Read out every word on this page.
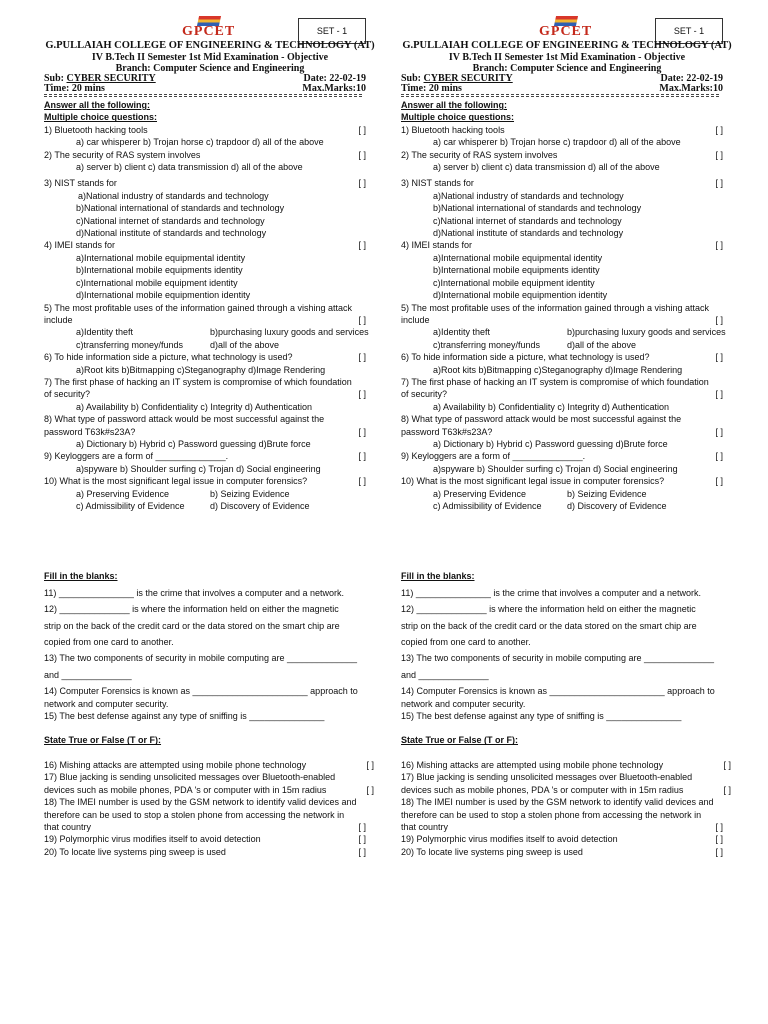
GPCET	SET - 1
G.PULLAIAH COLLEGE OF ENGINEERING & TECHNOLOGY (AT)
IV B.Tech II Semester 1st Mid Examination - Objective
Branch: Computer Science and Engineering
Sub: CYBER SECURITY	Date: 22-02-19
Time: 20 mins	Max.Marks:10
Answer all the following:
Multiple choice questions:
1) Bluetooth hacking tools	[ ]
a) car whisperer b) Trojan horse c) trapdoor d) all of the above
2) The security of RAS system involves	[ ]
a) server b) client c) data transmission d) all of the above
3) NIST stands for	[ ]
a)National industry of standards and technology
b)National international of standards and technology
c)National internet of standards and technology
d)National institute of standards and technology
4) IMEI stands for	[ ]
a)International mobile equipmental identity
b)International mobile equipments identity
c)International mobile equipment identity
d)International mobile equipmention identity
5) The most profitable uses of the information gained through a vishing attack
include	[ ]
a)Identity theft	b)purchasing luxury goods and services
c)transferring money/funds	d)all of the above
6) To hide information side a picture, what technology is used?	[ ]
a)Root kits b)Bitmapping c)Steganography d)Image Rendering
7) The first phase of hacking an IT system is compromise of which foundation
of security?	[ ]
a) Availability b) Confidentiality c) Integrity d) Authentication
8) What type of password attack would be most successful against the
password T63k#s23A?	[ ]
a) Dictionary b) Hybrid c) Password guessing d)Brute force
9) Keyloggers are a form of ______________.	[ ]
a)spyware b) Shoulder surfing c) Trojan d) Social engineering
10) What is the most significant legal issue in computer forensics?	[ ]
a) Preserving Evidence	b) Seizing Evidence
c) Admissibility of Evidence	d) Discovery of Evidence
Fill in the blanks:
11) _______________ is the crime that involves a computer and a network.
12) ______________ is where the information held on either the magnetic
strip on the back of the credit card or the data stored on the smart chip are
copied from one card to another.
13) The two components of security in mobile computing are ______________
and ______________
14) Computer Forensics is known as _______________________ approach to
network and computer security.
15) The best defense against any type of sniffing is _______________
State True or False (T or F):
16) Mishing attacks are attempted using mobile phone technology	[ ]
17) Blue jacking is sending unsolicited messages over Bluetooth-enabled
devices such as mobile phones, PDA 's or computer with in 15m radius	[ ]
18) The IMEI number is used by the GSM network to identify valid devices and
therefore can be used to stop a stolen phone from accessing the network in
that country	[ ]
19) Polymorphic virus modifies itself to avoid detection	[ ]
20) To locate live systems ping sweep is used	[ ]
GPCET	SET - 1
G.PULLAIAH COLLEGE OF ENGINEERING & TECHNOLOGY (AT)
IV B.Tech II Semester 1st Mid Examination - Objective
Branch: Computer Science and Engineering
Sub: CYBER SECURITY	Date: 22-02-19
Time: 20 mins	Max.Marks:10
Answer all the following:
Multiple choice questions:
1) Bluetooth hacking tools	[ ]
a) car whisperer b) Trojan horse c) trapdoor d) all of the above
2) The security of RAS system involves	[ ]
a) server b) client c) data transmission d) all of the above
3) NIST stands for	[ ]
a)National industry of standards and technology
b)National international of standards and technology
c)National internet of standards and technology
d)National institute of standards and technology
4) IMEI stands for	[ ]
a)International mobile equipmental identity
b)International mobile equipments identity
c)International mobile equipment identity
d)International mobile equipmention identity
5) The most profitable uses of the information gained through a vishing attack
include	[ ]
a)Identity theft	b)purchasing luxury goods and services
c)transferring money/funds	d)all of the above
6) To hide information side a picture, what technology is used?	[ ]
a)Root kits b)Bitmapping c)Steganography d)Image Rendering
7) The first phase of hacking an IT system is compromise of which foundation
of security?	[ ]
a) Availability b) Confidentiality c) Integrity d) Authentication
8) What type of password attack would be most successful against the
password T63k#s23A?	[ ]
a) Dictionary b) Hybrid c) Password guessing d)Brute force
9) Keyloggers are a form of ______________.	[ ]
a)spyware b) Shoulder surfing c) Trojan d) Social engineering
10) What is the most significant legal issue in computer forensics?	[ ]
a) Preserving Evidence	b) Seizing Evidence
c) Admissibility of Evidence	d) Discovery of Evidence
Fill in the blanks:
11) _______________ is the crime that involves a computer and a network.
12) ______________ is where the information held on either the magnetic
strip on the back of the credit card or the data stored on the smart chip are
copied from one card to another.
13) The two components of security in mobile computing are ______________
and ______________
14) Computer Forensics is known as _______________________ approach to
network and computer security.
15) The best defense against any type of sniffing is _______________
State True or False (T or F):
16) Mishing attacks are attempted using mobile phone technology	[ ]
17) Blue jacking is sending unsolicited messages over Bluetooth-enabled
devices such as mobile phones, PDA 's or computer with in 15m radius	[ ]
18) The IMEI number is used by the GSM network to identify valid devices and
therefore can be used to stop a stolen phone from accessing the network in
that country	[ ]
19) Polymorphic virus modifies itself to avoid detection	[ ]
20) To locate live systems ping sweep is used	[ ]
